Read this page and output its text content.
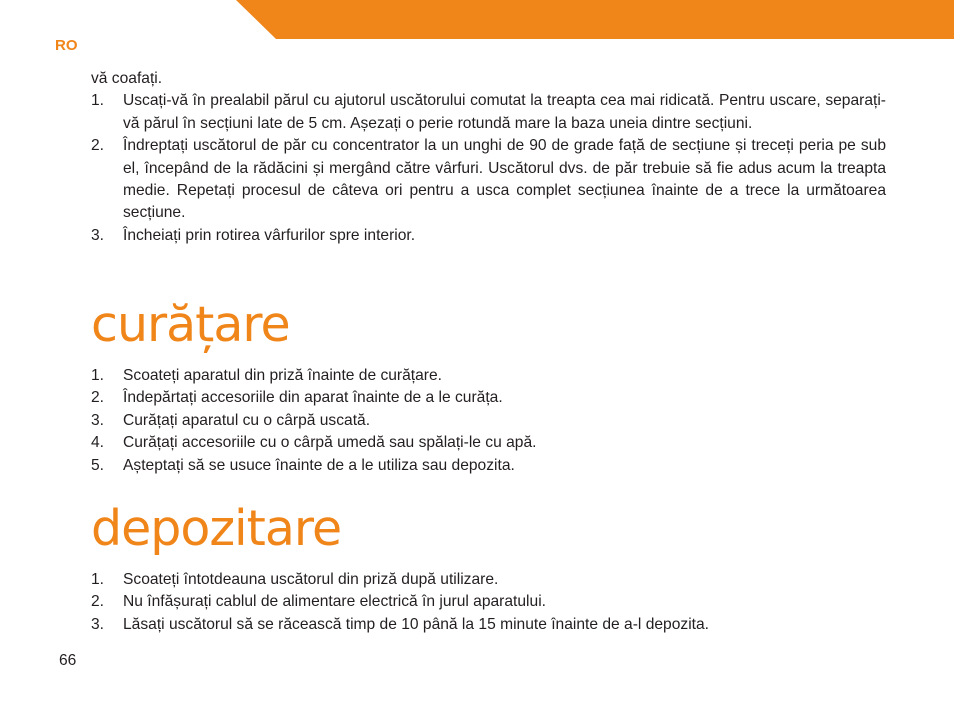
RO

vă coafați.

1. Uscați-vă în prealabil părul cu ajutorul uscătorului comutat la treapta cea mai ridicată. Pentru uscare, separați-vă părul în secțiuni late de 5 cm. Așezați o perie rotundă mare la baza uneia dintre secțiuni.
2. Îndreptați uscătorul de păr cu concentrator la un unghi de 90 de grade față de secțiune și treceți peria pe sub el, începând de la rădăcini și mergând către vârfuri. Uscătorul dvs. de păr trebuie să fie adus acum la treapta medie. Repetați procesul de câteva ori pentru a usca complet secțiunea înainte de a trece la următoarea secțiune.
3. Încheiați prin rotirea vârfurilor spre interior.
curățare
1. Scoateți aparatul din priză înainte de curățare.
2. Îndepărtați accesoriile din aparat înainte de a le curăța.
3. Curățați aparatul cu o cârpă uscată.
4. Curățați accesoriile cu o cârpă umedă sau spălați-le cu apă.
5. Așteptați să se usuce înainte de a le utiliza sau depozita.
depozitare
1. Scoateți întotdeauna uscătorul din priză după utilizare.
2. Nu înfășurați cablul de alimentare electrică în jurul aparatului.
3. Lăsați uscătorul să se răcească timp de 10 până la 15 minute înainte de a-l depozita.
66
